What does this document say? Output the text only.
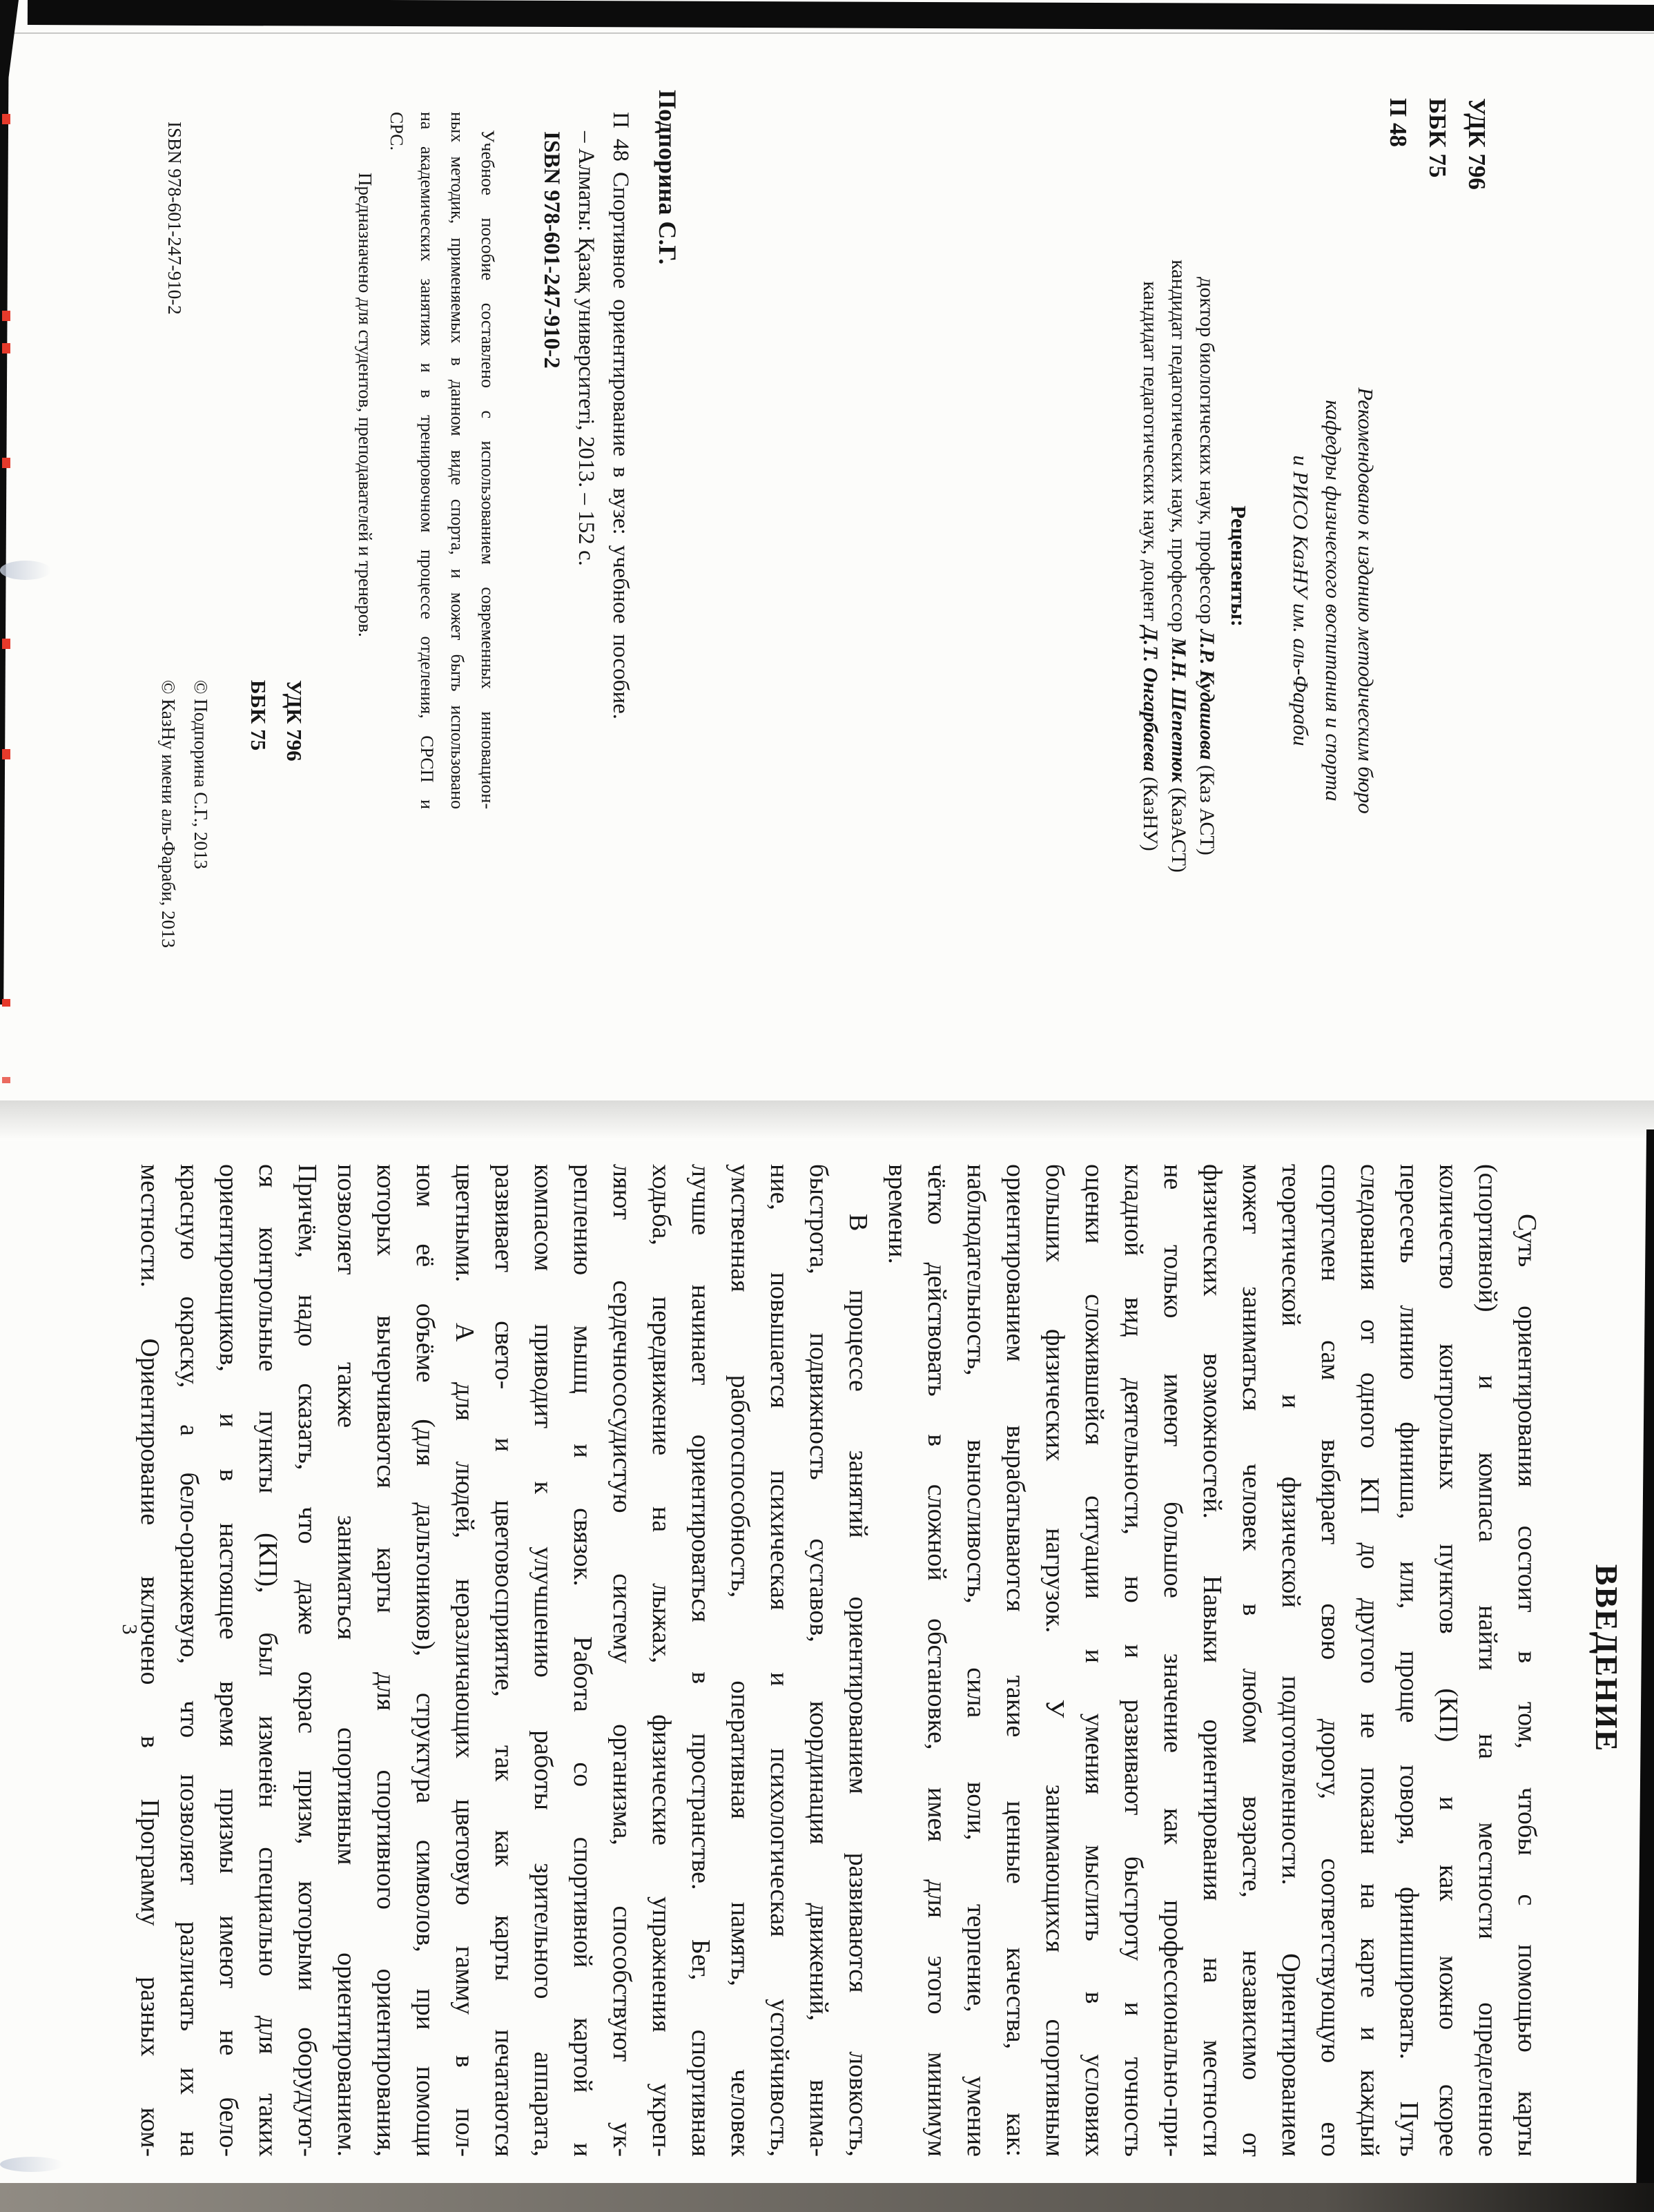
УДК 796
ББК 75
П 48
Рекомендовано к изданию методическим бюро
кафедры физического воспитания и спорта
и РИСО КазНУ им. аль-Фараби
Рецензенты:
доктор биологических наук, профессор Л.Р. Кудашова (Каз АСТ)
кандидат педагогических наук, профессор М.Н. Шепетюк (КазАСТ)
кандидат педагогических наук, доцент Д.Т. Онгарбаева (КазНУ)
Подпорина С.Г.
П 48 Спортивное ориентирование в вузе: учебное пособие.
– Алматы: Қазақ университеті, 2013. – 152 с.
ISBN 978-601-247-910-2
Учебное пособие составлено с использованием современных инновацион-
ных методик, применяемых в данном виде спорта, и может быть использовано
на академических занятиях и в тренировочном процессе отделения, СРСП и
СРС.
Предназначено для студентов, преподавателей и тренеров.
УДК 796
ББК 75
ISBN 978-601-247-910-2
© Подпорина С.Г., 2013
© КазНу имени аль-Фараби, 2013
ВВЕДЕНИЕ
Суть ориентирования состоит в том, чтобы с помощью карты
(спортивной) и компаса найти на местности определенное
количество контрольных пунктов (КП) и как можно скорее
пересечь линию финиша, или, проще говоря, финишировать. Путь
следования от одного КП до другого не показан на карте и каждый
спортсмен сам выбирает свою дорогу, соответствующую его
теоретической и физической подготовленности. Ориентированием
может заниматься человек в любом возрасте, независимо от
физических возможностей. Навыки ориентирования на местности
не только имеют большое значение как профессионально-при-
кладной вид деятельности, но и развивают быстроту и точность
оценки сложившейся ситуации и умения мыслить в условиях
больших физических нагрузок. У занимающихся спортивным
ориентированием вырабатываются такие ценные качества, как:
наблюдательность, выносливость, сила воли, терпение, умение
чётко действовать в сложной обстановке, имея для этого минимум
времени.
В процессе занятий ориентированием развиваются ловкость,
быстрота, подвижность суставов, координация движений, внима-
ние, повышается психическая и психологическая устойчивость,
умственная работоспособность, оперативная память, человек
лучше начинает ориентироваться в пространстве. Бег, спортивная
ходьба, передвижение на лыжах, физические упражнения укреп-
ляют сердечнососудистую систему организма, способствуют ук-
реплению мышц и связок. Работа со спортивной картой и
компасом приводит к улучшению работы зрительного аппарата,
развивает свето- и цветовосприятие, так как карты печатаются
цветными. А для людей, неразличающих цветовую гамму в пол-
ном её объёме (для дальтоников), структура символов, при помощи
которых вычерчиваются карты для спортивного ориентирования,
позволяет также заниматься спортивным ориентированием.
Причём, надо сказать, что даже окрас призм, которыми оборудуют-
ся контрольные пункты (КП), был изменён специально для таких
ориентировщиков, и в настоящее время призмы имеют не бело-
красную окраску, а бело-оранжевую, что позволяет различать их на
местности. Ориентирование включено в Программу разных ком-
3
